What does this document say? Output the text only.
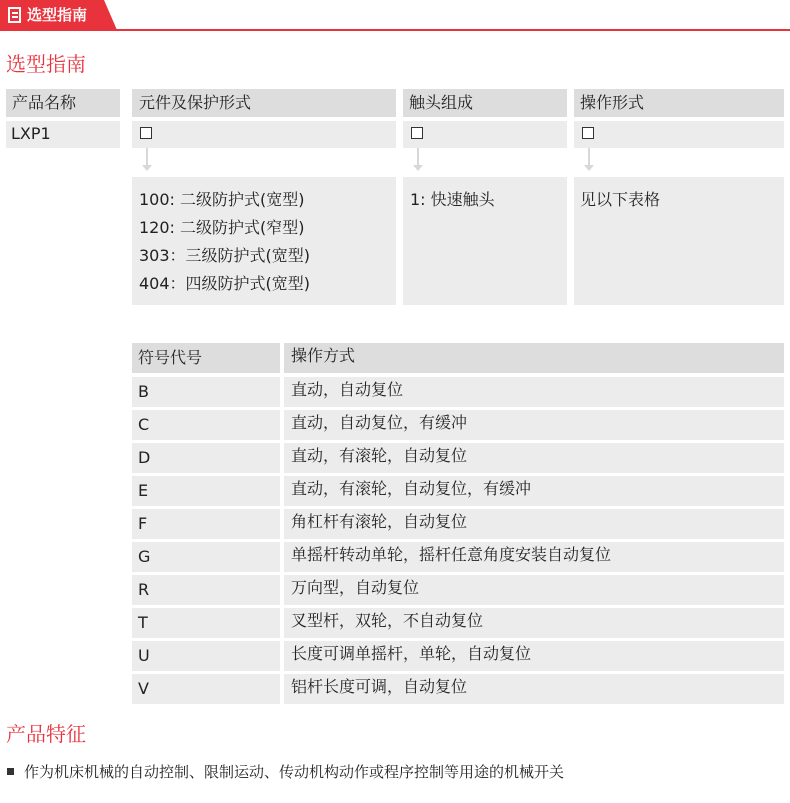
选型指南
选型指南
产品名称	元件及保护形式	触头组成	操作形式
LXP1
100: 二级防护式(宽型)
120: 二级防护式(窄型)
303：三级防护式(宽型)
404：四级防护式(宽型)
1: 快速触头	见以下表格
符号代号	操作方式
B	直动，自动复位
C	直动，自动复位，有缓冲
D	直动，有滚轮，自动复位
E	直动，有滚轮，自动复位，有缓冲
F	角杠杆有滚轮，自动复位
G	单摇杆转动单轮，摇杆任意角度安装自动复位
R	万向型，自动复位
T	叉型杆，双轮，不自动复位
U	长度可调单摇杆，单轮，自动复位
V	铝杆长度可调，自动复位
产品特征
作为机床机械的自动控制、限制运动、传动机构动作或程序控制等用途的机械开关
